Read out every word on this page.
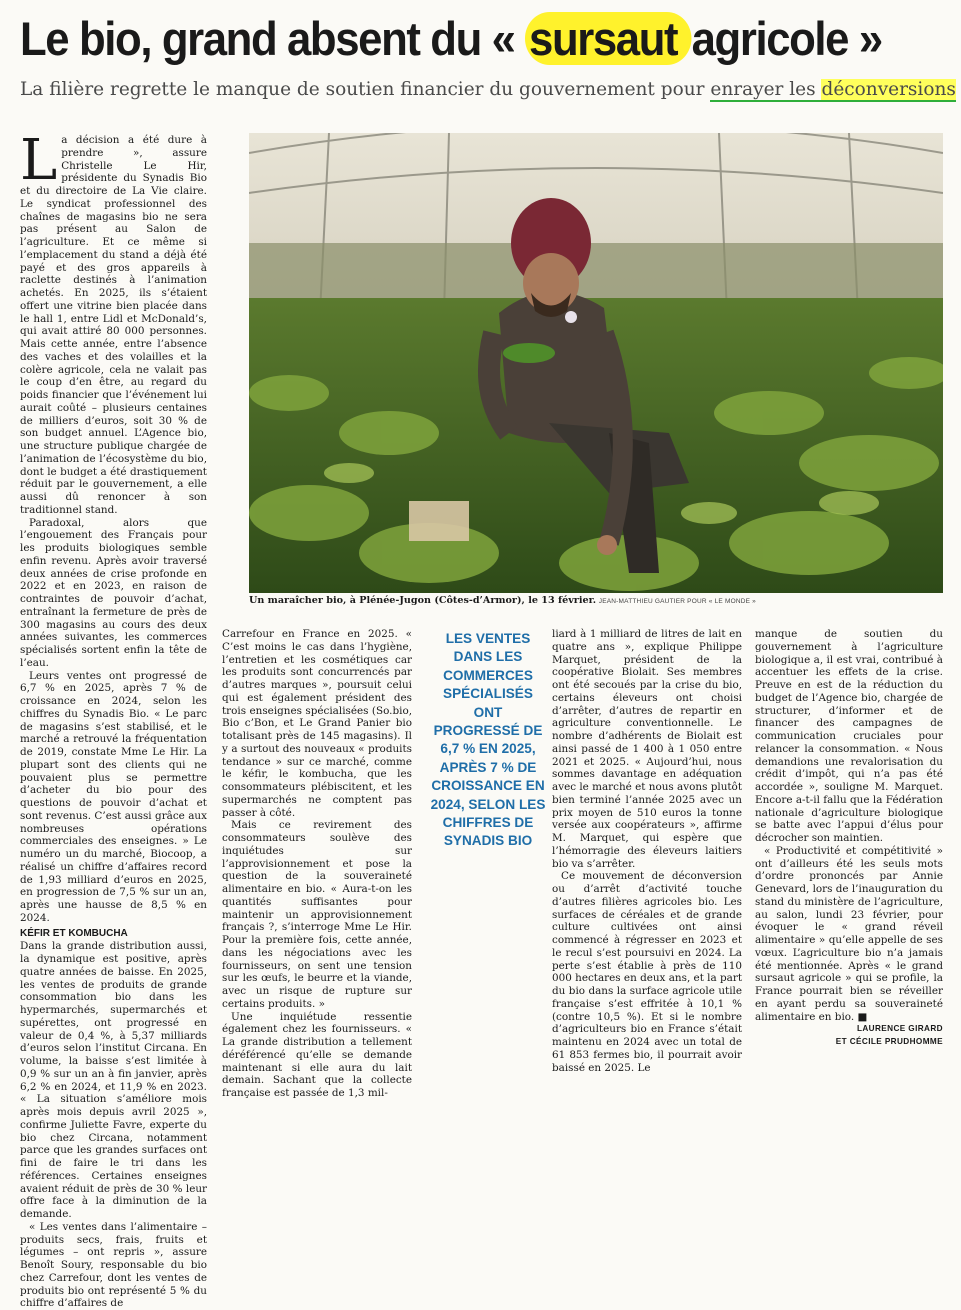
Le bio, grand absent du « sursaut agricole »
La filière regrette le manque de soutien financier du gouvernement pour enrayer les déconversions

La décision a été dure à prendre », assure Christelle Le Hir, présidente du Synadis Bio et du directoire de La Vie claire. Le syndicat professionnel des chaînes de magasins bio ne sera pas présent au Salon de l’agriculture. Et ce même si l’emplacement du stand a déjà été payé et des gros appareils à raclette destinés à l’animation achetés. En 2025, ils s’étaient offert une vitrine bien placée dans le hall 1, entre Lidl et McDonald’s, qui avait attiré 80 000 personnes. Mais cette année, entre l’absence des vaches et des volailles et la colère agricole, cela ne valait pas le coup d’en être, au regard du poids financier que l’événement lui aurait coûté – plusieurs centaines de milliers d’euros, soit 30 % de son budget annuel. L’Agence bio, une structure publique chargée de l’animation de l’écosystème du bio, dont le budget a été drastiquement réduit par le gouvernement, a elle aussi dû renoncer à son traditionnel stand.

Paradoxal, alors que l’engouement des Français pour les produits biologiques semble enfin revenu. Après avoir traversé deux années de crise profonde en 2022 et en 2023, en raison de contraintes de pouvoir d’achat, entraînant la fermeture de près de 300 magasins au cours des deux années suivantes, les commerces spécialisés sortent enfin la tête de l’eau.

Leurs ventes ont progressé de 6,7 % en 2025, après 7 % de croissance en 2024, selon les chiffres du Synadis Bio. « Le parc de magasins s’est stabilisé, et le marché a retrouvé la fréquentation de 2019, constate Mme Le Hir. La plupart sont des clients qui ne pouvaient plus se permettre d’acheter du bio pour des questions de pouvoir d’achat et sont revenus. C’est aussi grâce aux nombreuses opérations commerciales des enseignes. » Le numéro un du marché, Biocoop, a réalisé un chiffre d’affaires record de 1,93 milliard d’euros en 2025, en progression de 7,5 % sur un an, après une hausse de 8,5 % en 2024.

KÉFIR ET KOMBUCHA

Dans la grande distribution aussi, la dynamique est positive, après quatre années de baisse. En 2025, les ventes de produits de grande consommation bio dans les hypermarchés, supermarchés et supérettes, ont progressé en valeur de 0,4 %, à 5,37 milliards d’euros selon l’institut Circana. En volume, la baisse s’est limitée à 0,9 % sur un an à fin janvier, après 6,2 % en 2024, et 11,9 % en 2023. « La situation s’améliore mois après mois depuis avril 2025 », confirme Juliette Favre, experte du bio chez Circana, notamment parce que les grandes surfaces ont fini de faire le tri dans les références. Certaines enseignes avaient réduit de près de 30 % leur offre face à la diminution de la demande.

« Les ventes dans l’alimentaire – produits secs, frais, fruits et légumes – ont repris », assure Benoît Soury, responsable du bio chez Carrefour, dont les ventes de produits bio ont représenté 5 % du chiffre d’affaires de

Un maraîcher bio, à Plénée-Jugon (Côtes-d’Armor), le 13 février. JEAN-MATTHIEU GAUTIER POUR « LE MONDE »

Carrefour en France en 2025. « C’est moins le cas dans l’hygiène, l’entretien et les cosmétiques car les produits sont concurrencés par d’autres marques », poursuit celui qui est également président des trois enseignes spécialisées (So.bio, Bio c’Bon, et Le Grand Panier bio totalisant près de 145 magasins). Il y a surtout des nouveaux « produits tendance » sur ce marché, comme le kéfir, le kombucha, que les consommateurs plébiscitent, et les supermarchés ne comptent pas passer à côté.

Mais ce revirement des consommateurs soulève des inquiétudes sur l’approvisionnement et pose la question de la souveraineté alimentaire en bio. « Aura-t-on les quantités suffisantes pour maintenir un approvisionnement français ?, s’interroge Mme Le Hir. Pour la première fois, cette année, dans les négociations avec les fournisseurs, on sent une tension sur les œufs, le beurre et la viande, avec un risque de rupture sur certains produits. »

Une inquiétude ressentie également chez les fournisseurs. « La grande distribution a tellement déréférencé qu’elle se demande maintenant si elle aura du lait demain. Sachant que la collecte française est passée de 1,3 mil-

LES VENTES DANS LES COMMERCES SPÉCIALISÉS ONT PROGRESSÉ DE 6,7 % EN 2025, APRÈS 7 % DE CROISSANCE EN 2024, SELON LES CHIFFRES DE SYNADIS BIO

liard à 1 milliard de litres de lait en quatre ans », explique Philippe Marquet, président de la coopérative Biolait. Ses membres ont été secoués par la crise du bio, certains éleveurs ont choisi d’arrêter, d’autres de repartir en agriculture conventionnelle. Le nombre d’adhérents de Biolait est ainsi passé de 1 400 à 1 050 entre 2021 et 2025. « Aujourd’hui, nous sommes davantage en adéquation avec le marché et nous avons plutôt bien terminé l’année 2025 avec un prix moyen de 510 euros la tonne versée aux coopérateurs », affirme M. Marquet, qui espère que l’hémorragie des éleveurs laitiers bio va s’arrêter.

Ce mouvement de déconversion ou d’arrêt d’activité touche d’autres filières agricoles bio. Les surfaces de céréales et de grande culture cultivées ont ainsi commencé à régresser en 2023 et le recul s’est poursuivi en 2024. La perte s’est établie à près de 110 000 hectares en deux ans, et la part du bio dans la surface agricole utile française s’est effritée à 10,1 % (contre 10,5 %). Et si le nombre d’agriculteurs bio en France s’était maintenu en 2024 avec un total de 61 853 fermes bio, il pourrait avoir baissé en 2025. Le

manque de soutien du gouvernement à l’agriculture biologique a, il est vrai, contribué à accentuer les effets de la crise. Preuve en est de la réduction du budget de l’Agence bio, chargée de structurer, d’informer et de financer des campagnes de communication cruciales pour relancer la consommation. « Nous demandions une revalorisation du crédit d’impôt, qui n’a pas été accordée », souligne M. Marquet. Encore a-t-il fallu que la Fédération nationale d’agriculture biologique se batte avec l’appui d’élus pour décrocher son maintien.

« Productivité et compétitivité » ont d’ailleurs été les seuls mots d’ordre prononcés par Annie Genevard, lors de l’inauguration du stand du ministère de l’agriculture, au salon, lundi 23 février, pour évoquer le « grand réveil alimentaire » qu’elle appelle de ses vœux. L’agriculture bio n’a jamais été mentionnée. Après « le grand sursaut agricole » qui se profile, la France pourrait bien se réveiller en ayant perdu sa souveraineté alimentaire en bio. ■

LAURENCE GIRARD
ET CÉCILE PRUDHOMME
